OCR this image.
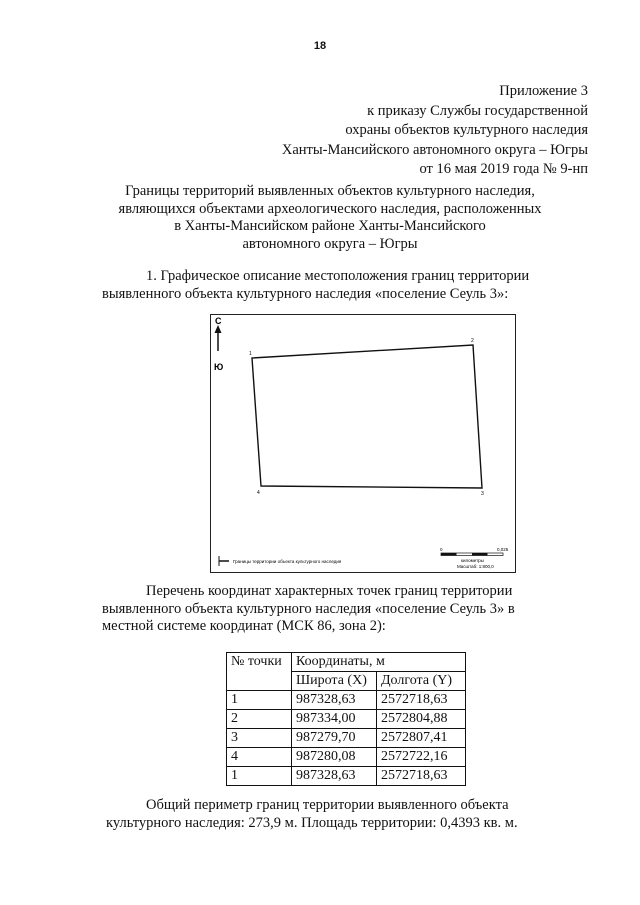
18
Приложение 3
к приказу Службы государственной
охраны объектов культурного наследия
Ханты-Мансийского автономного округа – Югры
от 16 мая 2019 года № 9-нп
Границы территорий выявленных объектов культурного наследия,
являющихся объектами археологического наследия, расположенных
в Ханты-Мансийском районе Ханты-Мансийского
автономного округа – Югры
1. Графическое описание местоположения границ территории
выявленного объекта культурного наследия «поселение Сеуль 3»:
С
Ю
1
2
3
4
Границы территории объекта культурного наследия
0	0,025
километры
Масштаб: 1:800,0
Перечень координат характерных точек границ территории
выявленного объекта культурного наследия «поселение Сеуль 3» в
местной системе координат (МСК 86, зона 2):
№ точки	Координаты, м	
	Широта (X)	Долгота (Y)
1	987328,63	2572718,63
2	987334,00	2572804,88
3	987279,70	2572807,41
4	987280,08	2572722,16
1	987328,63	2572718,63
Общий периметр границ территории выявленного объекта
культурного наследия: 273,9 м. Площадь территории: 0,4393 кв. м.
